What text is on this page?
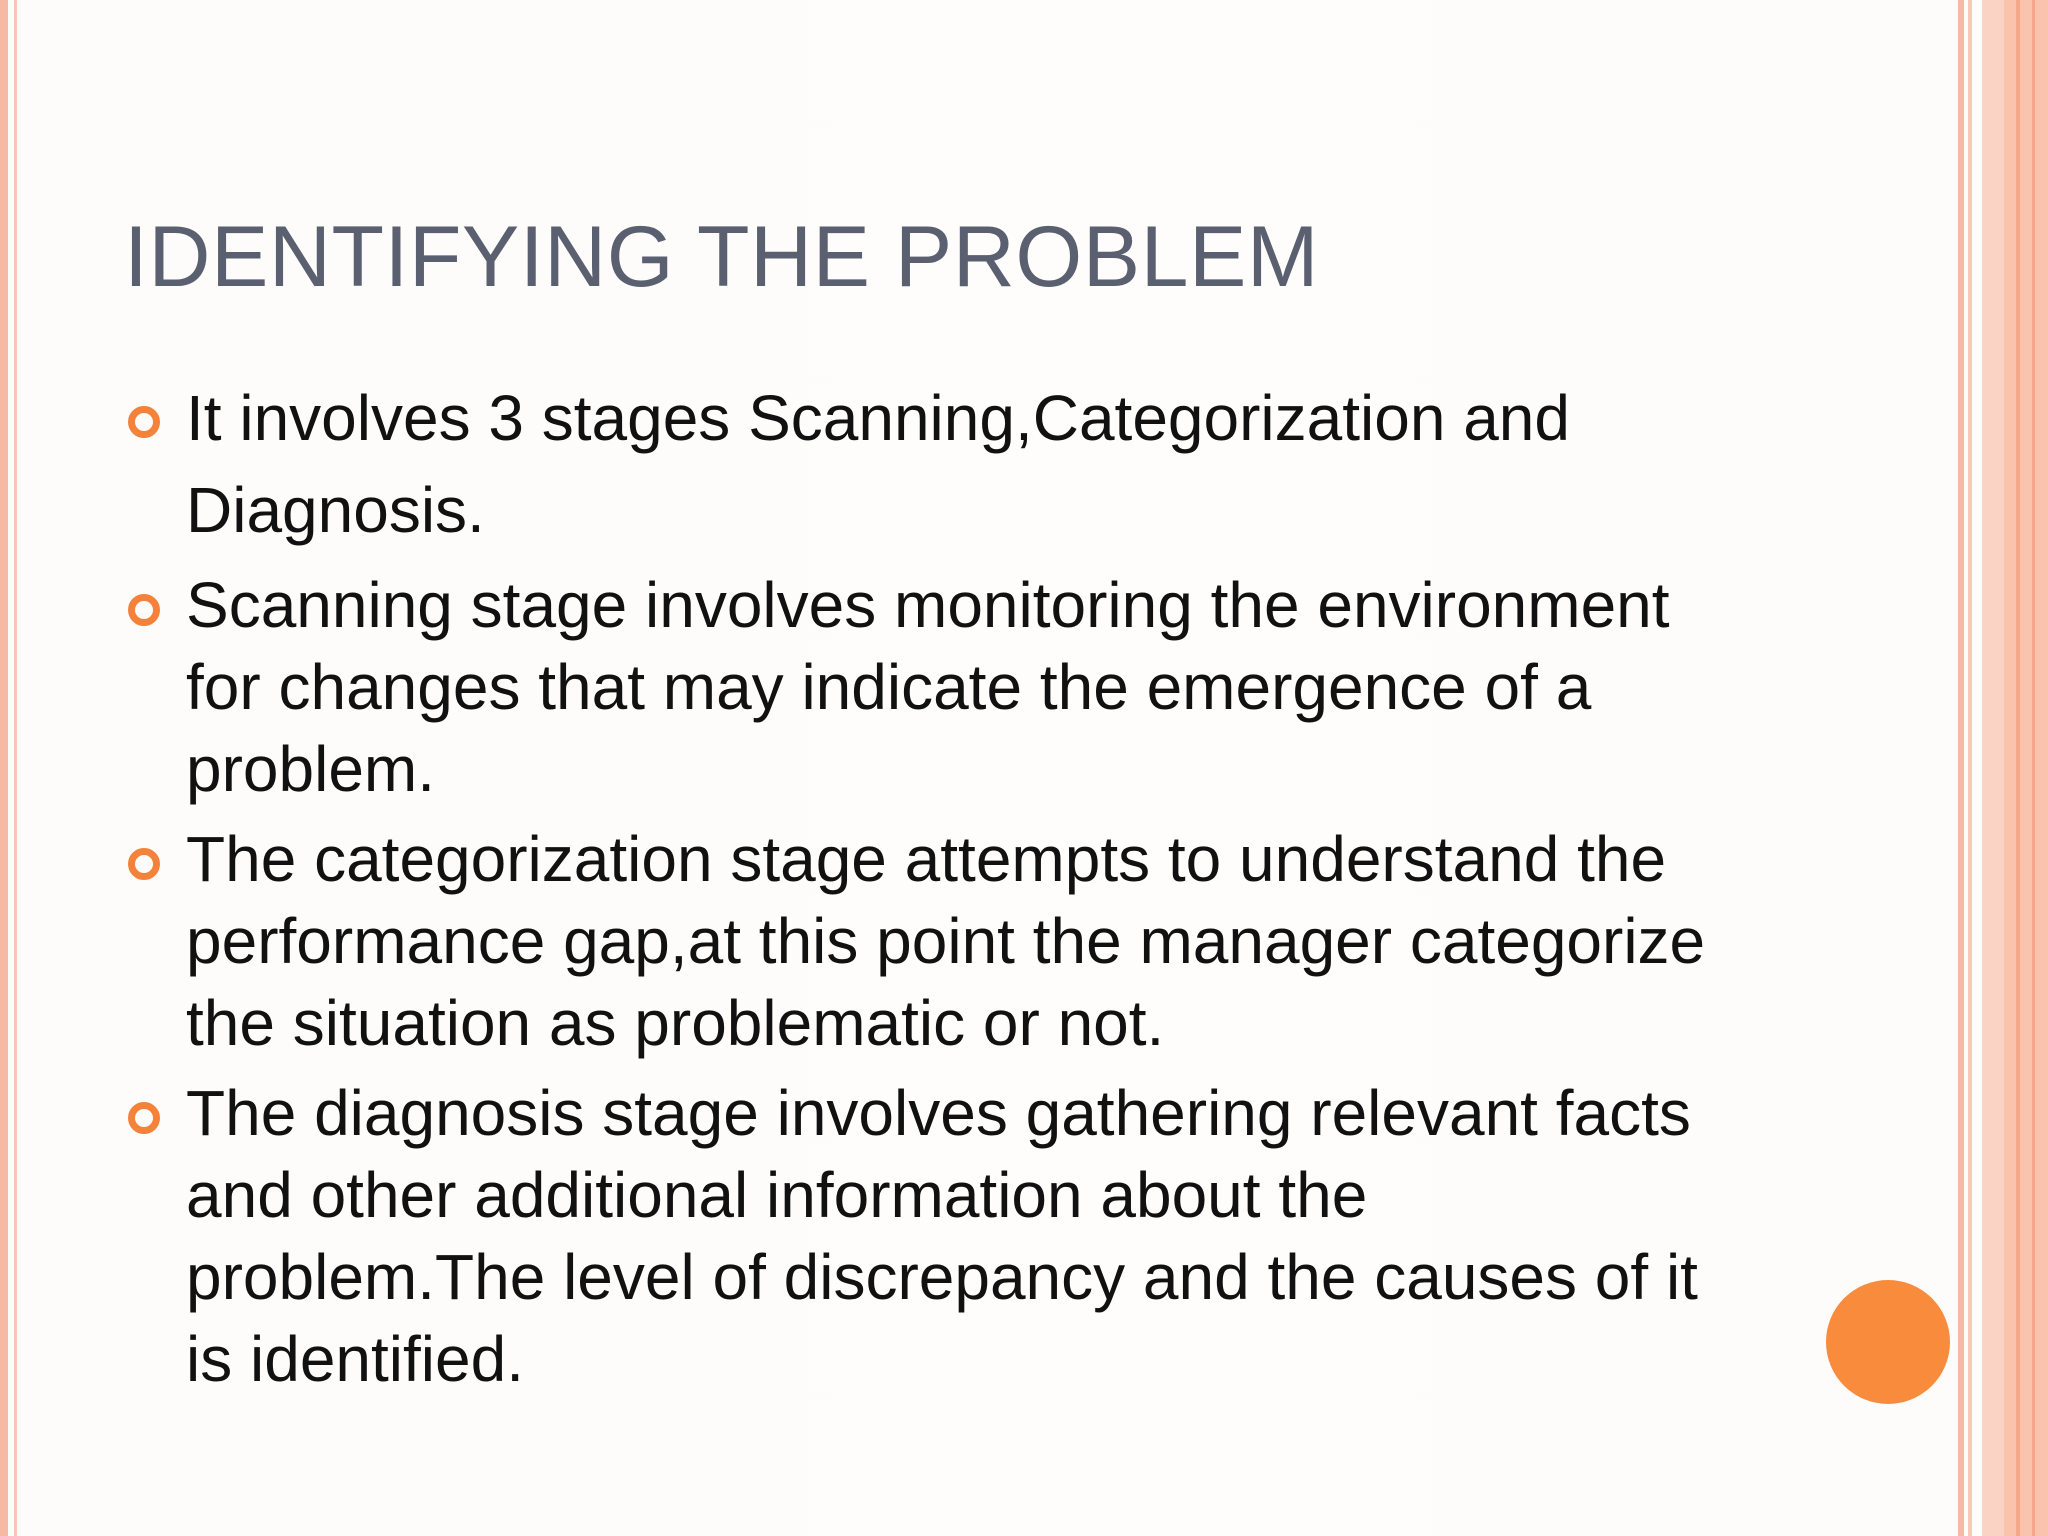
IDENTIFYING THE PROBLEM
It involves 3 stages Scanning,Categorization and Diagnosis.
Scanning stage involves monitoring the environment for changes that may indicate the emergence of a problem.
The categorization stage attempts to understand the performance gap,at this point the manager categorize the situation as problematic or not.
The diagnosis stage involves gathering relevant facts and other additional information about the problem.The level of discrepancy and the causes of it is identified.
